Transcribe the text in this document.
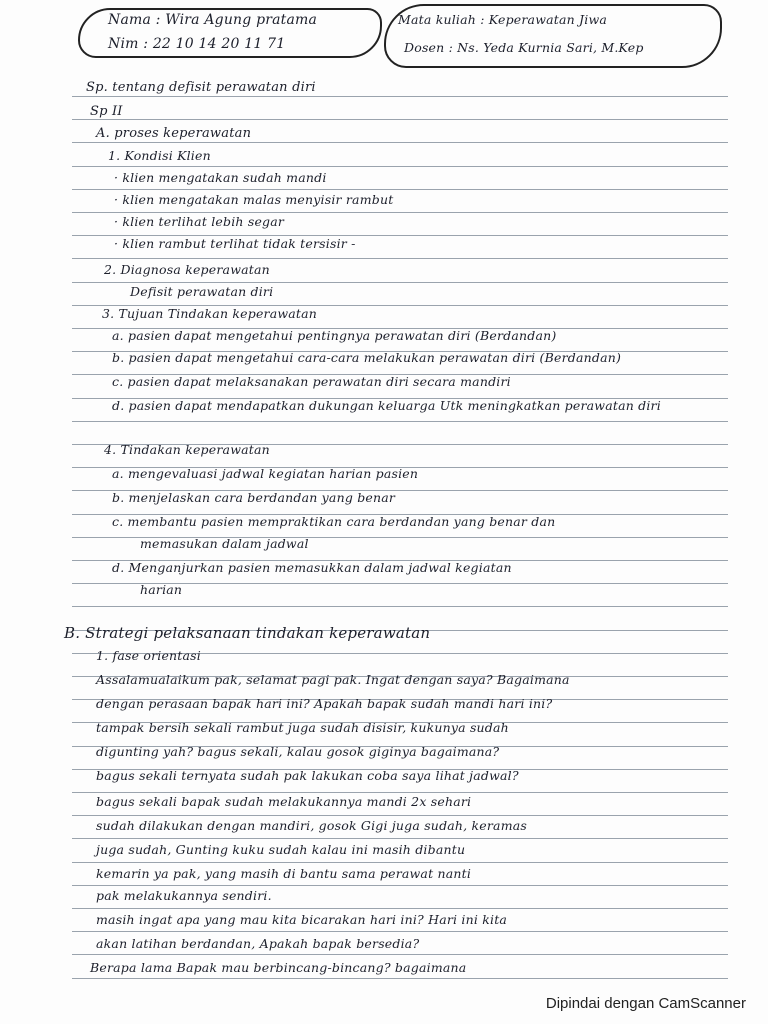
Nama : Wira Agung pratama
Nim : 22 10 14 20 11 71
Mata kuliah : Keperawatan Jiwa
Dosen : Ns. Yeda Kurnia Sari, M.Kep
Sp. tentang defisit perawatan diri
Sp II
A. proses keperawatan
1. Kondisi Klien
· klien mengatakan sudah mandi
· klien mengatakan malas menyisir rambut
· klien terlihat lebih segar
· klien rambut terlihat tidak tersisir -
2. Diagnosa keperawatan
Defisit perawatan diri
3. Tujuan Tindakan keperawatan
a. pasien dapat mengetahui pentingnya perawatan diri (Berdandan)
b. pasien dapat mengetahui cara-cara melakukan perawatan diri (Berdandan)
c. pasien dapat melaksanakan perawatan diri secara mandiri
d. pasien dapat mendapatkan dukungan keluarga Utk meningkatkan perawatan diri
4. Tindakan keperawatan
a. mengevaluasi jadwal kegiatan harian pasien
b. menjelaskan cara berdandan yang benar
c. membantu pasien mempraktikan cara berdandan yang benar dan
memasukan dalam jadwal
d. Menganjurkan pasien memasukkan dalam jadwal kegiatan
harian
B. Strategi pelaksanaan tindakan keperawatan
1. fase orientasi
Assalamualaikum pak, selamat pagi pak. Ingat dengan saya? Bagaimana
dengan perasaan bapak hari ini? Apakah bapak sudah mandi hari ini?
tampak bersih sekali rambut juga sudah disisir, kukunya sudah
digunting yah? bagus sekali, kalau gosok giginya bagaimana?
bagus sekali ternyata sudah pak lakukan coba saya lihat jadwal?
bagus sekali bapak sudah melakukannya mandi 2x sehari
sudah dilakukan dengan mandiri, gosok Gigi juga sudah, keramas
juga sudah, Gunting kuku sudah kalau ini masih dibantu
kemarin ya pak, yang masih di bantu sama perawat nanti
pak melakukannya sendiri.
masih ingat apa yang mau kita bicarakan hari ini? Hari ini kita
akan latihan berdandan, Apakah bapak bersedia?
Berapa lama Bapak mau berbincang-bincang? bagaimana
Dipindai dengan CamScanner
